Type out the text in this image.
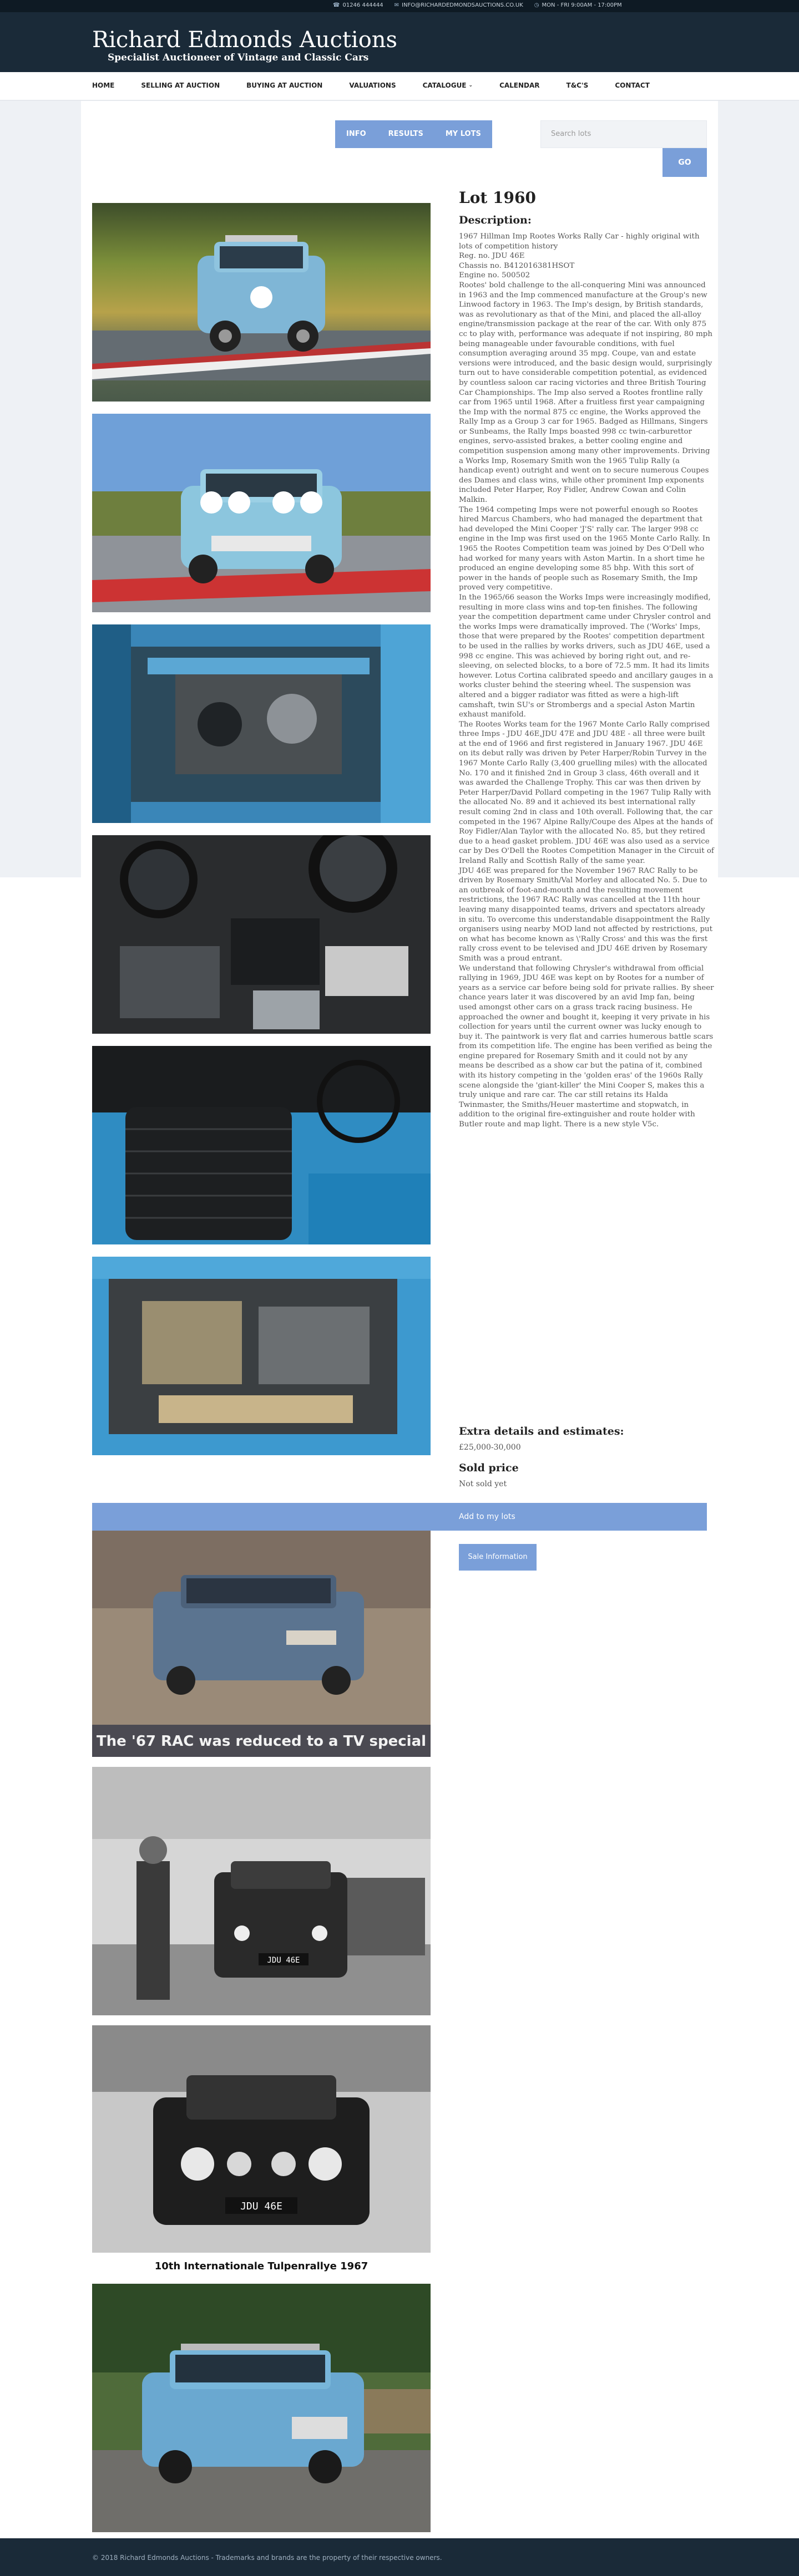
☎ 01246 444444 ✉ INFO@RICHARDEDMONDSAUCTIONS.CO.UK ◷ MON - FRI 9:00AM - 17:00PM
Richard Edmonds Auctions
Specialist Auctioneer of Vintage and Classic Cars
HOME	SELLING AT AUCTION	BUYING AT AUCTION	VALUATIONS	CATALOGUE ⌄	CALENDAR	T&C'S	CONTACT
INFO	RESULTS	MY LOTS	Search lots
GO
The '67 RAC was reduced to a TV special
JDU 46E
JDU 46E
10th Internationale Tulpenrallye 1967
Lot 1960
Description:

1967 Hillman Imp Rootes Works Rally Car - highly original with lots of competition history

Reg. no. JDU 46E

Chassis no. B412016381HSOT

Engine no. 500502

Rootes' bold challenge to the all-conquering Mini was announced in 1963 and the Imp commenced manufacture at the Group's new Linwood factory in 1963. The Imp's design, by British standards, was as revolutionary as that of the Mini, and placed the all-alloy engine/transmission package at the rear of the car. With only 875 cc to play with, performance was adequate if not inspiring, 80 mph being manageable under favourable conditions, with fuel consumption averaging around 35 mpg. Coupe, van and estate versions were introduced, and the basic design would, surprisingly turn out to have considerable competition potential, as evidenced by countless saloon car racing victories and three British Touring Car Championships. The Imp also served a Rootes frontline rally car from 1965 until 1968. After a fruitless first year campaigning the Imp with the normal 875 cc engine, the Works approved the Rally Imp as a Group 3 car for 1965. Badged as Hillmans, Singers or Sunbeams, the Rally Imps boasted 998 cc twin-carburettor engines, servo-assisted brakes, a better cooling engine and competition suspension among many other improvements. Driving a Works Imp, Rosemary Smith won the 1965 Tulip Rally (a handicap event) outright and went on to secure numerous Coupes des Dames and class wins, while other prominent Imp exponents included Peter Harper, Roy Fidler, Andrew Cowan and Colin Malkin.

The 1964 competing Imps were not powerful enough so Rootes hired Marcus Chambers, who had managed the department that had developed the Mini Cooper 'J'S' rally car. The larger 998 cc engine in the Imp was first used on the 1965 Monte Carlo Rally. In 1965 the Rootes Competition team was joined by Des O'Dell who had worked for many years with Aston Martin. In a short time he produced an engine developing some 85 bhp. With this sort of power in the hands of people such as Rosemary Smith, the Imp proved very competitive.

In the 1965/66 season the Works Imps were increasingly modified, resulting in more class wins and top-ten finishes. The following year the competition department came under Chrysler control and the works Imps were dramatically improved. The ('Works' Imps, those that were prepared by the Rootes' competition department to be used in the rallies by works drivers, such as JDU 46E, used a 998 cc engine. This was achieved by boring right out, and re-sleeving, on selected blocks, to a bore of 72.5 mm. It had its limits however. Lotus Cortina calibrated speedo and ancillary gauges in a works cluster behind the steering wheel. The suspension was altered and a bigger radiator was fitted as were a high-lift camshaft, twin SU's or Strombergs and a special Aston Martin exhaust manifold.

The Rootes Works team for the 1967 Monte Carlo Rally comprised three Imps - JDU 46E,JDU 47E and JDU 48E - all three were built at the end of 1966 and first registered in January 1967. JDU 46E on its debut rally was driven by Peter Harper/Robin Turvey in the 1967 Monte Carlo Rally (3,400 gruelling miles) with the allocated No. 170 and it finished 2nd in Group 3 class, 46th overall and it was awarded the Challenge Trophy. This car was then driven by Peter Harper/David Pollard competing in the 1967 Tulip Rally with the allocated No. 89 and it achieved its best international rally result coming 2nd in class and 10th overall. Following that, the car competed in the 1967 Alpine Rally/Coupe des Alpes at the hands of Roy Fidler/Alan Taylor with the allocated No. 85, but they retired due to a head gasket problem. JDU 46E was also used as a service car by Des O'Dell the Rootes Competition Manager in the Circuit of Ireland Rally and Scottish Rally of the same year.

JDU 46E was prepared for the November 1967 RAC Rally to be driven by Rosemary Smith/Val Morley and allocated No. 5. Due to an outbreak of foot-and-mouth and the resulting movement restrictions, the 1967 RAC Rally was cancelled at the 11th hour leaving many disappointed teams, drivers and spectators already in situ. To overcome this understandable disappointment the Rally organisers using nearby MOD land not affected by restrictions, put on what has become known as \'Rally Cross' and this was the first rally cross event to be televised and JDU 46E driven by Rosemary Smith was a proud entrant.

We understand that following Chrysler's withdrawal from official rallying in 1969, JDU 46E was kept on by Rootes for a number of years as a service car before being sold for private rallies. By sheer chance years later it was discovered by an avid Imp fan, being used amongst other cars on a grass track racing business. He approached the owner and bought it, keeping it very private in his collection for years until the current owner was lucky enough to buy it. The paintwork is very flat and carries humerous battle scars from its competition life. The engine has been verified as being the engine prepared for Rosemary Smith and it could not by any means be described as a show car but the patina of it, combined with its history competing in the 'golden eras' of the 1960s Rally scene alongside the 'giant-killer' the Mini Cooper S, makes this a truly unique and rare car. The car still retains its Halda Twinmaster, the Smiths/Heuer mastertime and stopwatch, in addition to the original fire-extinguisher and route holder with Butler route and map light. There is a new style V5c.

Extra details and estimates:
£25,000-30,000
Sold price
Not sold yet
Add to my lots
Sale Information
© 2018 Richard Edmonds Auctions - Trademarks and brands are the property of their respective owners.
